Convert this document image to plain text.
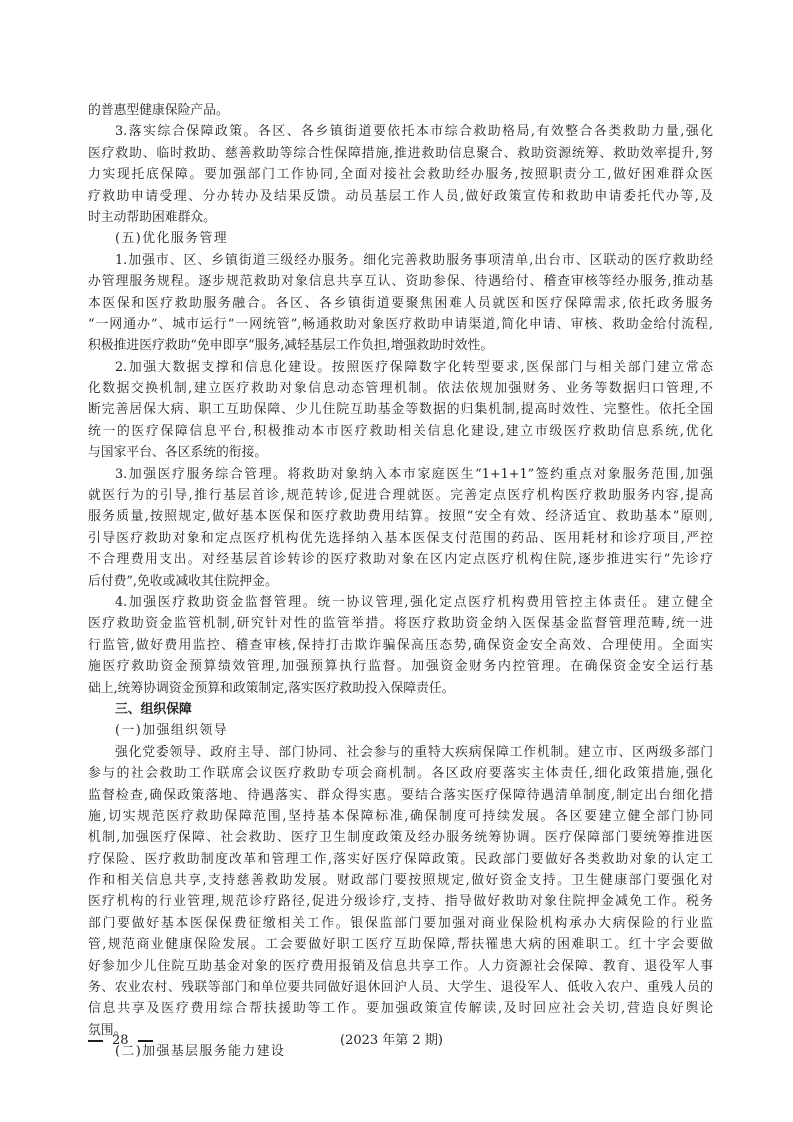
的普惠型健康保险产品。
3.落实综合保障政策。各区、各乡镇街道要依托本市综合救助格局,有效整合各类救助力量,强化
医疗救助、临时救助、慈善救助等综合性保障措施,推进救助信息聚合、救助资源统筹、救助效率提升,努
力实现托底保障。要加强部门工作协同,全面对接社会救助经办服务,按照职责分工,做好困难群众医
疗救助申请受理、分办转办及结果反馈。动员基层工作人员,做好政策宣传和救助申请委托代办等,及
时主动帮助困难群众。
(五)优化服务管理
1.加强市、区、乡镇街道三级经办服务。细化完善救助服务事项清单,出台市、区联动的医疗救助经
办管理服务规程。逐步规范救助对象信息共享互认、资助参保、待遇给付、稽查审核等经办服务,推动基
本医保和医疗救助服务融合。各区、各乡镇街道要聚焦困难人员就医和医疗保障需求,依托政务服务
“一网通办”、城市运行“一网统管”,畅通救助对象医疗救助申请渠道,简化申请、审核、救助金给付流程,
积极推进医疗救助“免申即享”服务,减轻基层工作负担,增强救助时效性。
2.加强大数据支撑和信息化建设。按照医疗保障数字化转型要求,医保部门与相关部门建立常态
化数据交换机制,建立医疗救助对象信息动态管理机制。依法依规加强财务、业务等数据归口管理,不
断完善居保大病、职工互助保障、少儿住院互助基金等数据的归集机制,提高时效性、完整性。依托全国
统一的医疗保障信息平台,积极推动本市医疗救助相关信息化建设,建立市级医疗救助信息系统,优化
与国家平台、各区系统的衔接。
3.加强医疗服务综合管理。将救助对象纳入本市家庭医生“1+1+1”签约重点对象服务范围,加强
就医行为的引导,推行基层首诊,规范转诊,促进合理就医。完善定点医疗机构医疗救助服务内容,提高
服务质量,按照规定,做好基本医保和医疗救助费用结算。按照“安全有效、经济适宜、救助基本”原则,
引导医疗救助对象和定点医疗机构优先选择纳入基本医保支付范围的药品、医用耗材和诊疗项目,严控
不合理费用支出。对经基层首诊转诊的医疗救助对象在区内定点医疗机构住院,逐步推进实行“先诊疗
后付费”,免收或减收其住院押金。
4.加强医疗救助资金监督管理。统一协议管理,强化定点医疗机构费用管控主体责任。建立健全
医疗救助资金监管机制,研究针对性的监管举措。将医疗救助资金纳入医保基金监督管理范畴,统一进
行监管,做好费用监控、稽查审核,保持打击欺诈骗保高压态势,确保资金安全高效、合理使用。全面实
施医疗救助资金预算绩效管理,加强预算执行监督。加强资金财务内控管理。在确保资金安全运行基
础上,统筹协调资金预算和政策制定,落实医疗救助投入保障责任。
三、组织保障
(一)加强组织领导
强化党委领导、政府主导、部门协同、社会参与的重特大疾病保障工作机制。建立市、区两级多部门
参与的社会救助工作联席会议医疗救助专项会商机制。各区政府要落实主体责任,细化政策措施,强化
监督检查,确保政策落地、待遇落实、群众得实惠。要结合落实医疗保障待遇清单制度,制定出台细化措
施,切实规范医疗救助保障范围,坚持基本保障标准,确保制度可持续发展。各区要建立健全部门协同
机制,加强医疗保障、社会救助、医疗卫生制度政策及经办服务统筹协调。医疗保障部门要统筹推进医
疗保险、医疗救助制度改革和管理工作,落实好医疗保障政策。民政部门要做好各类救助对象的认定工
作和相关信息共享,支持慈善救助发展。财政部门要按照规定,做好资金支持。卫生健康部门要强化对
医疗机构的行业管理,规范诊疗路径,促进分级诊疗,支持、指导做好救助对象住院押金减免工作。税务
部门要做好基本医保保费征缴相关工作。银保监部门要加强对商业保险机构承办大病保险的行业监
管,规范商业健康保险发展。工会要做好职工医疗互助保障,帮扶罹患大病的困难职工。红十字会要做
好参加少儿住院互助基金对象的医疗费用报销及信息共享工作。人力资源社会保障、教育、退役军人事
务、农业农村、残联等部门和单位要共同做好退休回沪人员、大学生、退役军人、低收入农户、重残人员的
信息共享及医疗费用综合帮扶援助等工作。要加强政策宣传解读,及时回应社会关切,营造良好舆论
氛围。
(二)加强基层服务能力建设
28	(2023 年第 2 期)
